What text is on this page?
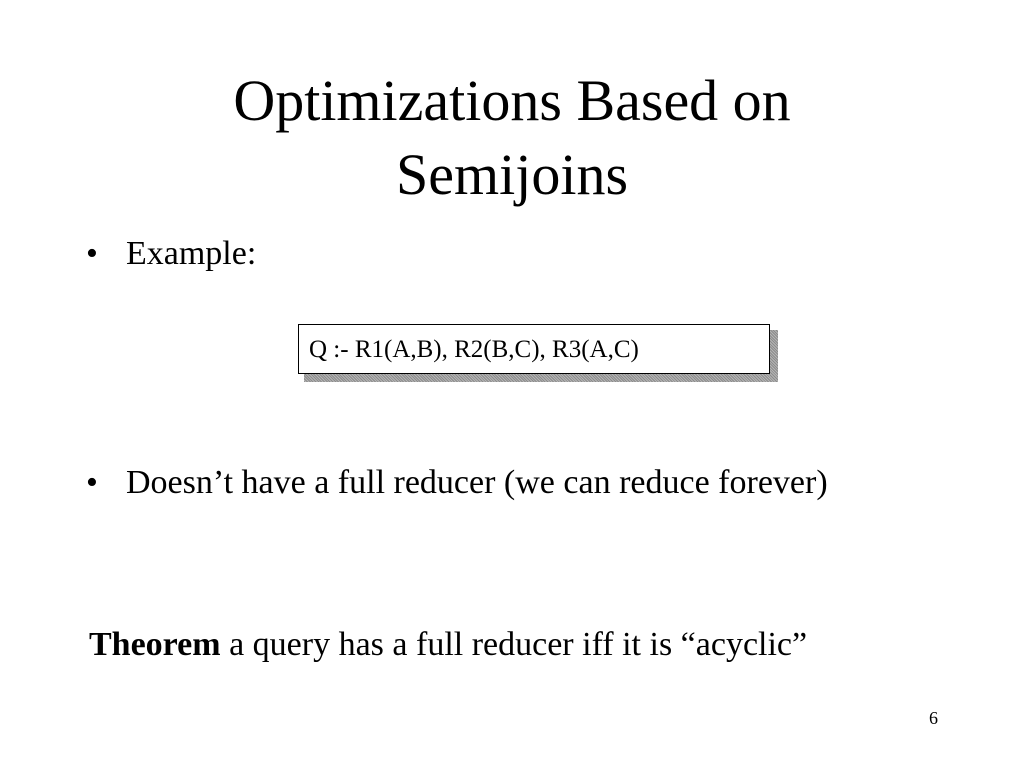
Optimizations Based on
Semijoins
• Example:
Q :- R1(A,B), R2(B,C), R3(A,C)
• Doesn’t have a full reducer (we can reduce forever)
Theorem a query has a full reducer iff it is “acyclic”
6
